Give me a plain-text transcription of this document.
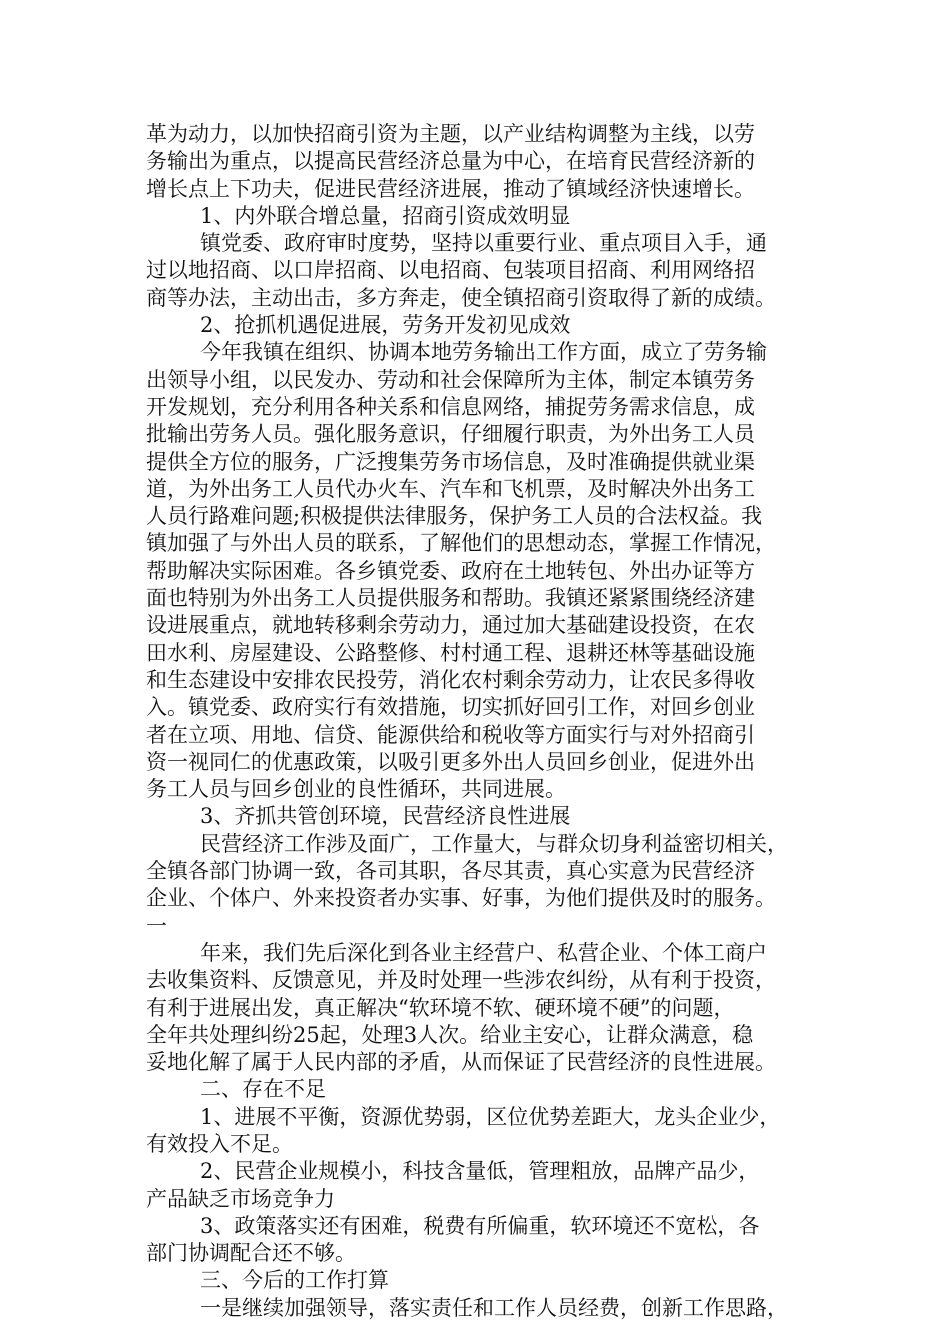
革为动力，以加快招商引资为主题，以产业结构调整为主线，以劳

务输出为重点，以提高民营经济总量为中心，在培育民营经济新的

增长点上下功夫，促进民营经济进展，推动了镇域经济快速增长。

1、内外联合增总量，招商引资成效明显

镇党委、政府审时度势，坚持以重要行业、重点项目入手，通

过以地招商、以口岸招商、以电招商、包装项目招商、利用网络招

商等办法，主动出击，多方奔走，使全镇招商引资取得了新的成绩。

2、抢抓机遇促进展，劳务开发初见成效

今年我镇在组织、协调本地劳务输出工作方面，成立了劳务输

出领导小组，以民发办、劳动和社会保障所为主体，制定本镇劳务

开发规划，充分利用各种关系和信息网络，捕捉劳务需求信息，成

批输出劳务人员。强化服务意识，仔细履行职责，为外出务工人员

提供全方位的服务，广泛搜集劳务市场信息，及时准确提供就业渠

道，为外出务工人员代办火车、汽车和飞机票，及时解决外出务工

人员行路难问题;积极提供法律服务，保护务工人员的合法权益。我

镇加强了与外出人员的联系，了解他们的思想动态，掌握工作情况，

帮助解决实际困难。各乡镇党委、政府在土地转包、外出办证等方

面也特别为外出务工人员提供服务和帮助。我镇还紧紧围绕经济建

设进展重点，就地转移剩余劳动力，通过加大基础建设投资，在农

田水利、房屋建设、公路整修、村村通工程、退耕还林等基础设施

和生态建设中安排农民投劳，消化农村剩余劳动力，让农民多得收

入。镇党委、政府实行有效措施，切实抓好回引工作，对回乡创业

者在立项、用地、信贷、能源供给和税收等方面实行与对外招商引

资一视同仁的优惠政策，以吸引更多外出人员回乡创业，促进外出

务工人员与回乡创业的良性循环，共同进展。

3、齐抓共管创环境，民营经济良性进展

民营经济工作涉及面广，工作量大，与群众切身利益密切相关，

全镇各部门协调一致，各司其职，各尽其责，真心实意为民营经济

企业、个体户、外来投资者办实事、好事，为他们提供及时的服务。

一

年来，我们先后深化到各业主经营户、私营企业、个体工商户

去收集资料、反馈意见，并及时处理一些涉农纠纷，从有利于投资，

有利于进展出发，真正解决“软环境不软、硬环境不硬”的问题，

全年共处理纠纷25起，处理3人次。给业主安心，让群众满意，稳

妥地化解了属于人民内部的矛盾，从而保证了民营经济的良性进展。

二、存在不足

1、进展不平衡，资源优势弱，区位优势差距大，龙头企业少，

有效投入不足。

2、民营企业规模小，科技含量低，管理粗放，品牌产品少，

产品缺乏市场竞争力

3、政策落实还有困难，税费有所偏重，软环境还不宽松，各

部门协调配合还不够。

三、今后的工作打算

一是继续加强领导，落实责任和工作人员经费，创新工作思路，
